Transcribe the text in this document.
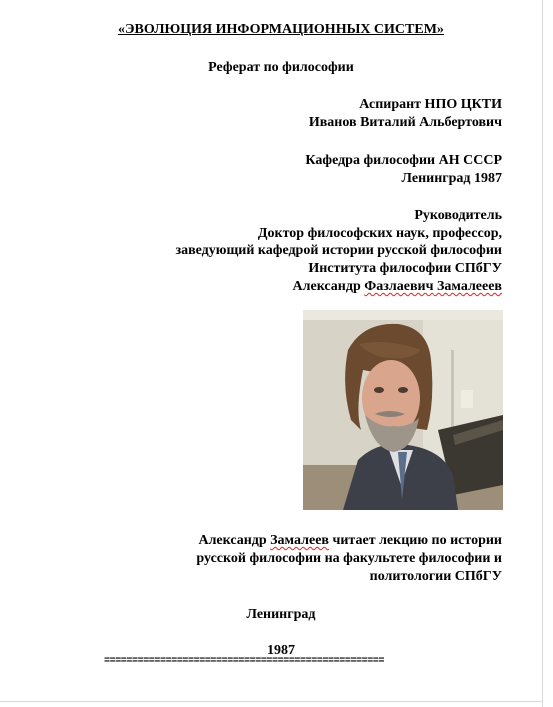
«ЭВОЛЮЦИЯ ИНФОРМАЦИОННЫХ СИСТЕМ»
Реферат по философии
Аспирант НПО ЦКТИ
Иванов Виталий Альбертович
Кафедра философии АН СССР
Ленинград 1987
Руководитель
Доктор философских наук, профессор,
заведующий кафедрой истории русской философии
Института философии СПбГУ
Александр Фазлаевич Замалееев
Александр Замалеев читает лекцию по истории
русской философии на факультете философии и
политологии СПбГУ
Ленинград
1987
==================================================
